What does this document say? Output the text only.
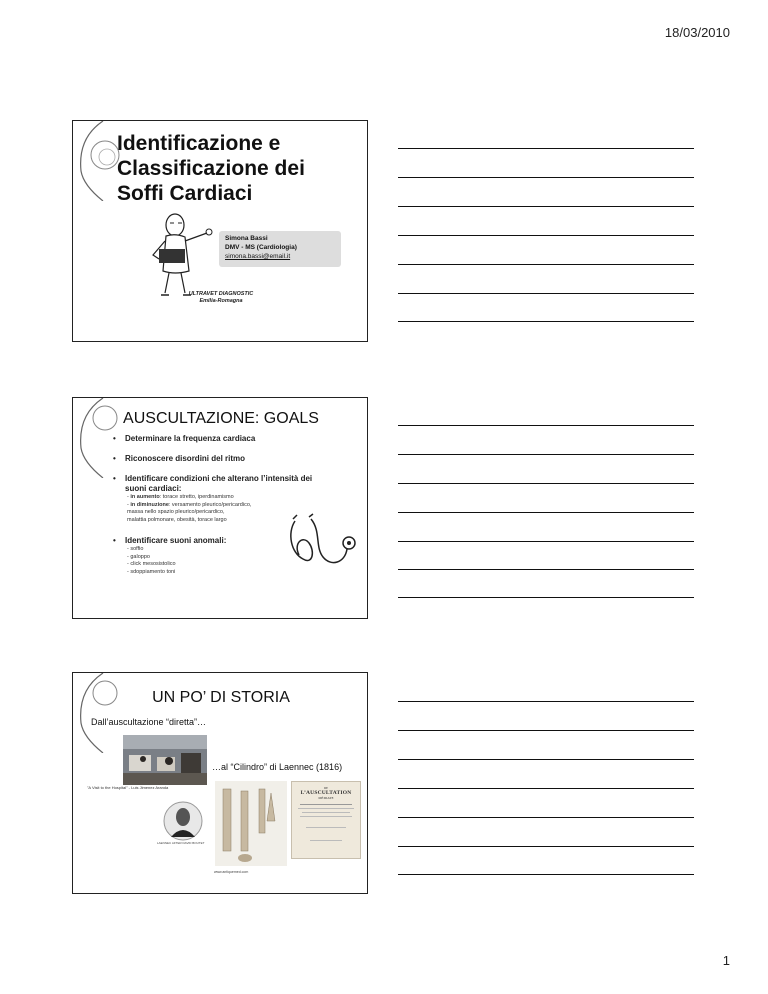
18/03/2010
Identificazione e
Classificazione dei
Soffi Cardiaci
Simona Bassi
DMV - MS (Cardiologia)
simona.bassi@email.it
ULTRAVET DIAGNOSTIC
Emilia-Romagna
AUSCULTAZIONE: GOALS
• Determinare la frequenza cardiaca
• Riconoscere disordini del ritmo
• Identificare condizioni che alterano l’intensità dei suoni cardiaci:
- in aumento: torace stretto, iperdinamismo
- in diminuzione: versamento pleurico/pericardico,
massa nello spazio pleurico/pericardico,
malattia polmonare, obesità, torace largo
• Identificare suoni anomali:
- soffio
- galoppo
- click mesosistolico
- sdoppiamento toni
UN PO’ DI STORIA
Dall’auscultazione “diretta”…
"A Visit to the Hospital" - Luis Jimenez Aranda
…al “Cilindro” di Laennec (1816)
LAENNEC AFTER DAVID BOUTET
www.antiquemed.com
DE
L’AUSCULTATION
MÉDIATE
1
